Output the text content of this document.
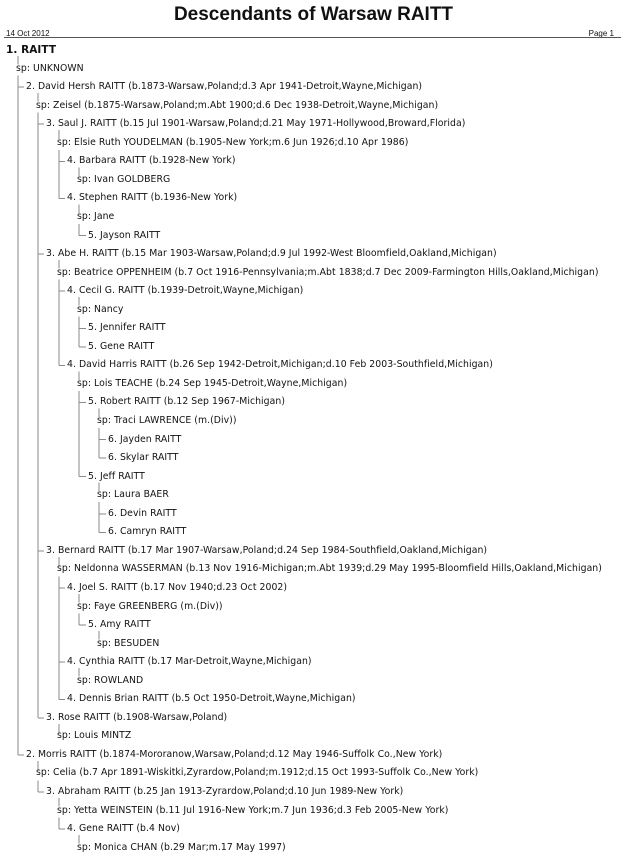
Descendants of Warsaw RAITT
14 Oct 2012	Page 1
1. RAITT
sp: UNKNOWN
2. David Hersh RAITT (b.1873-Warsaw,Poland;d.3 Apr 1941-Detroit,Wayne,Michigan)
sp: Zeisel (b.1875-Warsaw,Poland;m.Abt 1900;d.6 Dec 1938-Detroit,Wayne,Michigan)
3. Saul J. RAITT (b.15 Jul 1901-Warsaw,Poland;d.21 May 1971-Hollywood,Broward,Florida)
sp: Elsie Ruth YOUDELMAN (b.1905-New York;m.6 Jun 1926;d.10 Apr 1986)
4. Barbara RAITT (b.1928-New York)
sp: Ivan GOLDBERG
4. Stephen RAITT (b.1936-New York)
sp: Jane
5. Jayson RAITT
3. Abe H. RAITT (b.15 Mar 1903-Warsaw,Poland;d.9 Jul 1992-West Bloomfield,Oakland,Michigan)
sp: Beatrice OPPENHEIM (b.7 Oct 1916-Pennsylvania;m.Abt 1838;d.7 Dec 2009-Farmington Hills,Oakland,Michigan)
4. Cecil G. RAITT (b.1939-Detroit,Wayne,Michigan)
sp: Nancy
5. Jennifer RAITT
5. Gene RAITT
4. David Harris RAITT (b.26 Sep 1942-Detroit,Michigan;d.10 Feb 2003-Southfield,Michigan)
sp: Lois TEACHE (b.24 Sep 1945-Detroit,Wayne,Michigan)
5. Robert RAITT (b.12 Sep 1967-Michigan)
sp: Traci LAWRENCE (m.(Div))
6. Jayden RAITT
6. Skylar RAITT
5. Jeff RAITT
sp: Laura BAER
6. Devin RAITT
6. Camryn RAITT
3. Bernard RAITT (b.17 Mar 1907-Warsaw,Poland;d.24 Sep 1984-Southfield,Oakland,Michigan)
sp: Neldonna WASSERMAN (b.13 Nov 1916-Michigan;m.Abt 1939;d.29 May 1995-Bloomfield Hills,Oakland,Michigan)
4. Joel S. RAITT (b.17 Nov 1940;d.23 Oct 2002)
sp: Faye GREENBERG (m.(Div))
5. Amy RAITT
sp: BESUDEN
4. Cynthia RAITT (b.17 Mar-Detroit,Wayne,Michigan)
sp: ROWLAND
4. Dennis Brian RAITT (b.5 Oct 1950-Detroit,Wayne,Michigan)
3. Rose RAITT (b.1908-Warsaw,Poland)
sp: Louis MINTZ
2. Morris RAITT (b.1874-Mororanow,Warsaw,Poland;d.12 May 1946-Suffolk Co.,New York)
sp: Celia (b.7 Apr 1891-Wiskitki,Zyrardow,Poland;m.1912;d.15 Oct 1993-Suffolk Co.,New York)
3. Abraham RAITT (b.25 Jan 1913-Zyrardow,Poland;d.10 Jun 1989-New York)
sp: Yetta WEINSTEIN (b.11 Jul 1916-New York;m.7 Jun 1936;d.3 Feb 2005-New York)
4. Gene RAITT (b.4 Nov)
sp: Monica CHAN (b.29 Mar;m.17 May 1997)
